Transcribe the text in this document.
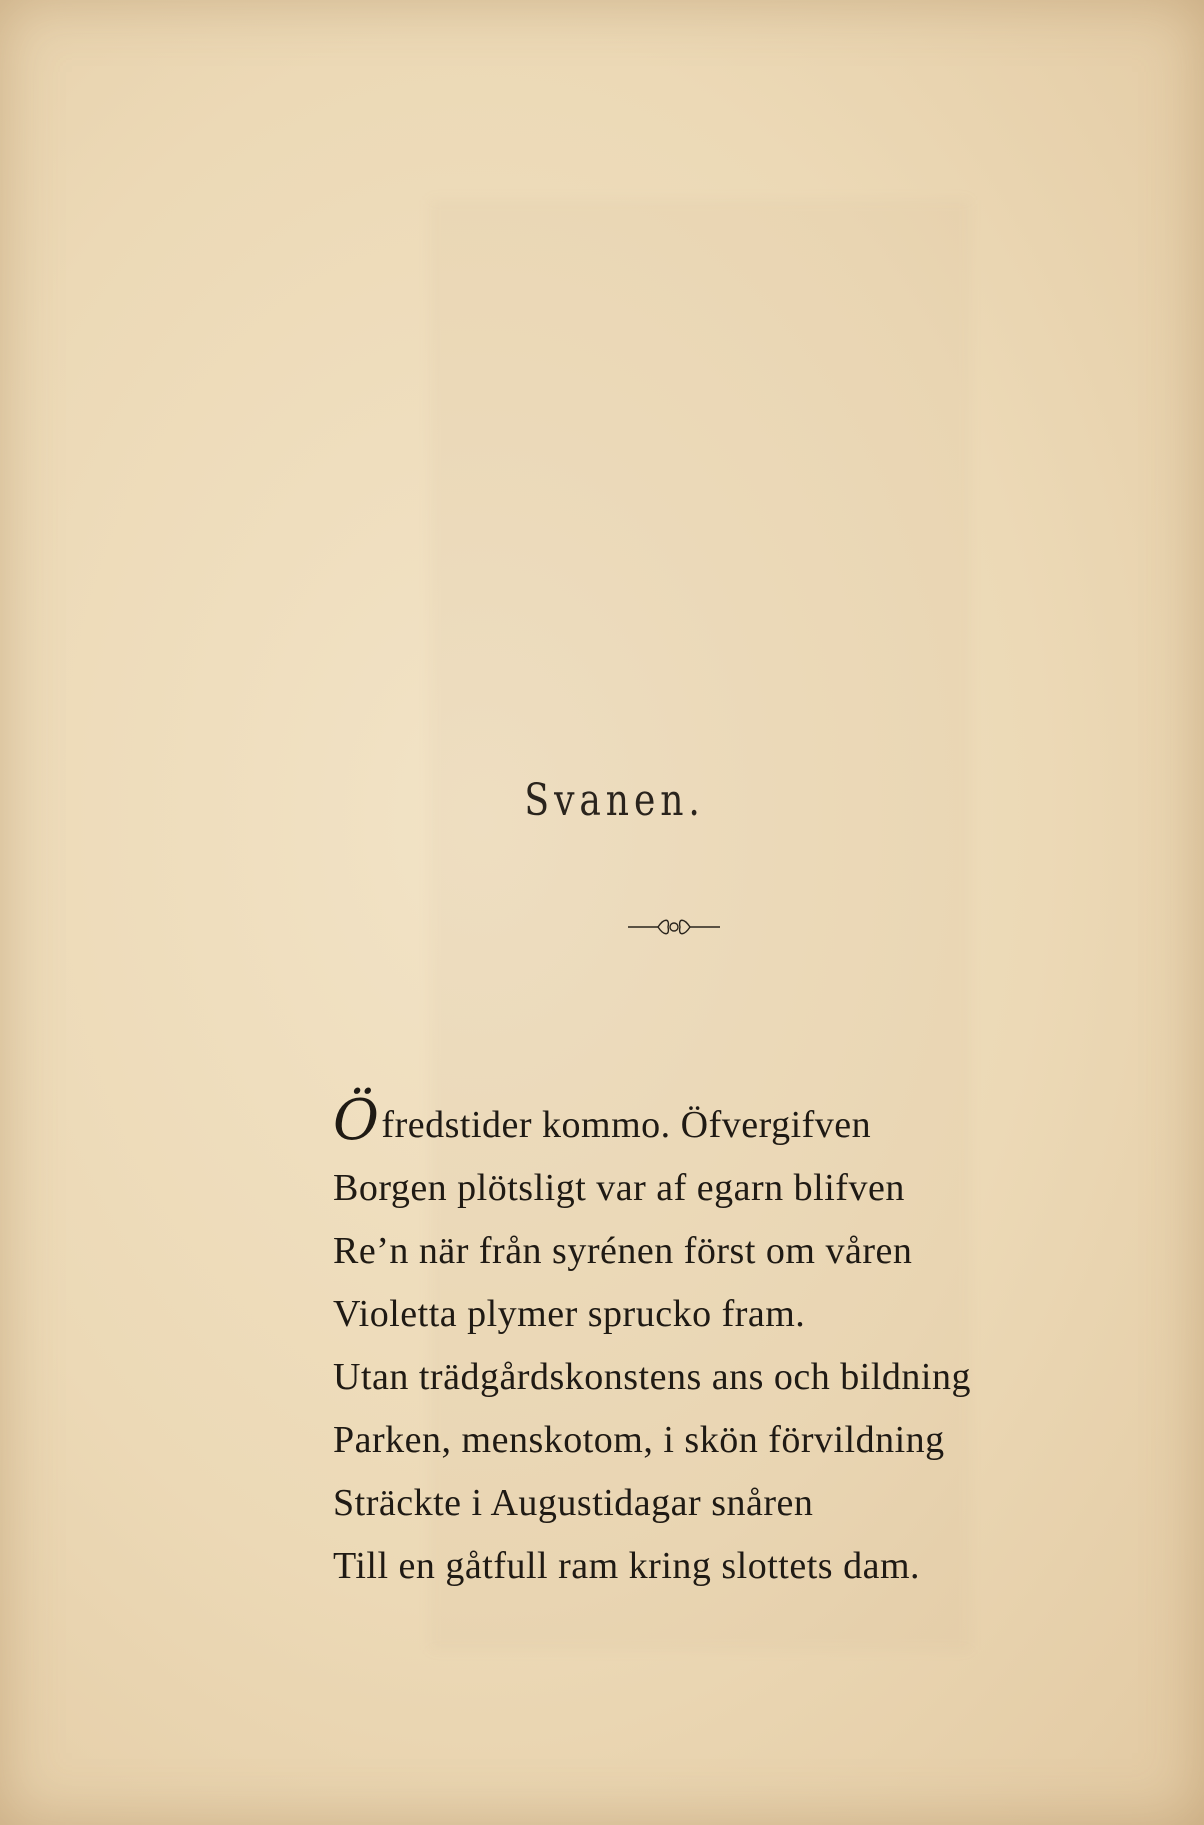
Svanen.
Öfredstider kommo. Öfvergifven
Borgen plötsligt var af egarn blifven
Re’n när från syrénen först om våren
Violetta plymer sprucko fram.
Utan trädgårdskonstens ans och bildning
Parken, menskotom, i skön förvildning
Sträckte i Augustidagar snåren
Till en gåtfull ram kring slottets dam.
